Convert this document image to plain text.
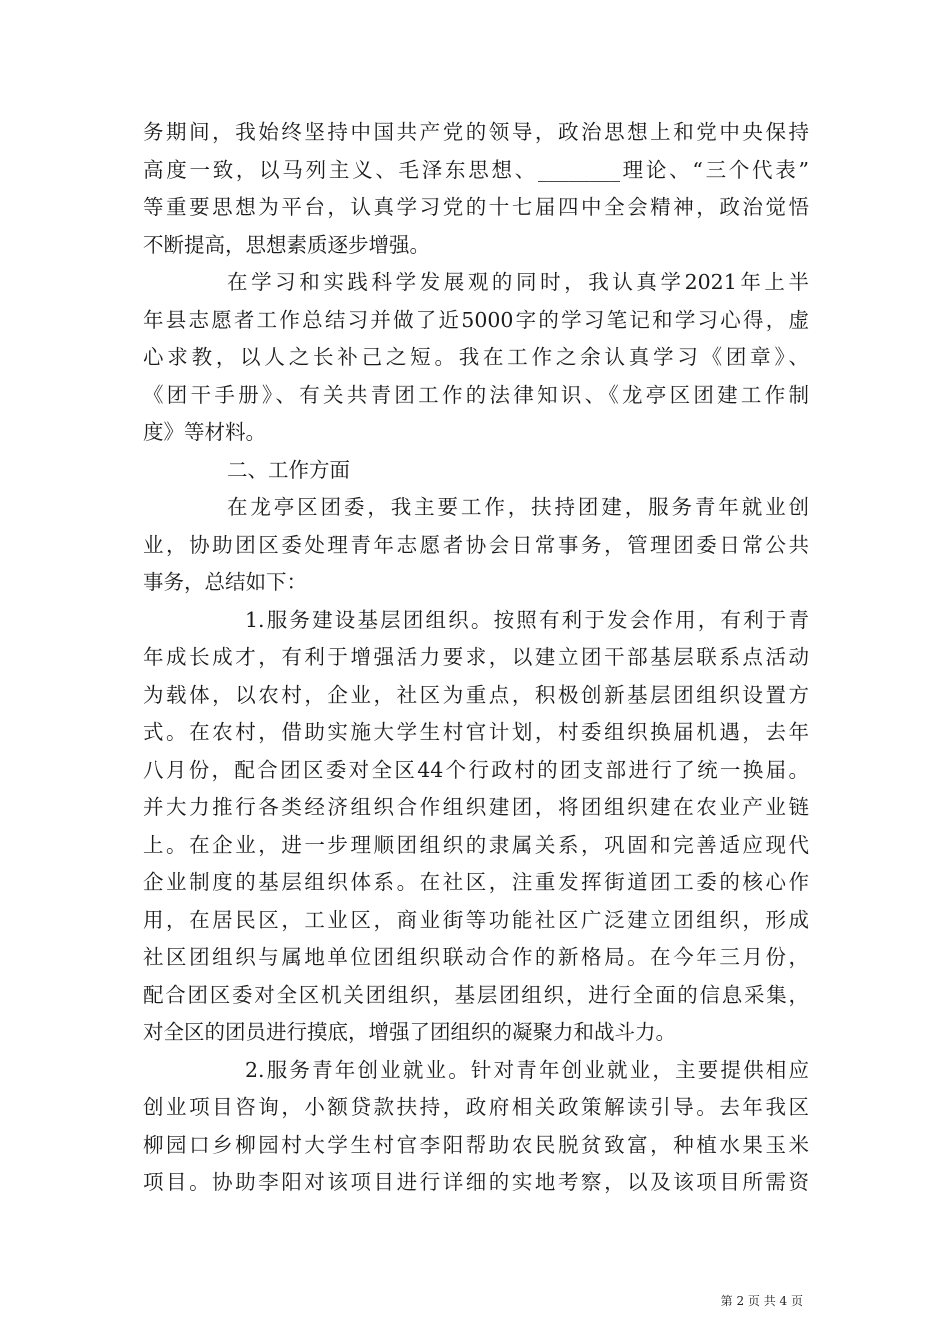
务期间，我始终坚持中国共产党的领导，政治思想上和党中央保持
高度一致，以马列主义、毛泽东思想、________理论、“三个代表”
等重要思想为平台，认真学习党的十七届四中全会精神，政治觉悟
不断提高，思想素质逐步增强。
在学习和实践科学发展观的同时，我认真学2021年上半
年县志愿者工作总结习并做了近5000字的学习笔记和学习心得，虚
心求教，以人之长补己之短。我在工作之余认真学习《团章》、
《团干手册》、有关共青团工作的法律知识、《龙亭区团建工作制
度》等材料。
二、工作方面
在龙亭区团委，我主要工作，扶持团建，服务青年就业创
业，协助团区委处理青年志愿者协会日常事务，管理团委日常公共
事务，总结如下：
1.服务建设基层团组织。按照有利于发会作用，有利于青
年成长成才，有利于增强活力要求，以建立团干部基层联系点活动
为载体，以农村，企业，社区为重点，积极创新基层团组织设置方
式。在农村，借助实施大学生村官计划，村委组织换届机遇，去年
八月份，配合团区委对全区44个行政村的团支部进行了统一换届。
并大力推行各类经济组织合作组织建团，将团组织建在农业产业链
上。在企业，进一步理顺团组织的隶属关系，巩固和完善适应现代
企业制度的基层组织体系。在社区，注重发挥街道团工委的核心作
用，在居民区，工业区，商业街等功能社区广泛建立团组织，形成
社区团组织与属地单位团组织联动合作的新格局。在今年三月份，
配合团区委对全区机关团组织，基层团组织，进行全面的信息采集，
对全区的团员进行摸底，增强了团组织的凝聚力和战斗力。
2.服务青年创业就业。针对青年创业就业，主要提供相应
创业项目咨询，小额贷款扶持，政府相关政策解读引导。去年我区
柳园口乡柳园村大学生村官李阳帮助农民脱贫致富，种植水果玉米
项目。协助李阳对该项目进行详细的实地考察，以及该项目所需资
第 2 页 共 4 页
